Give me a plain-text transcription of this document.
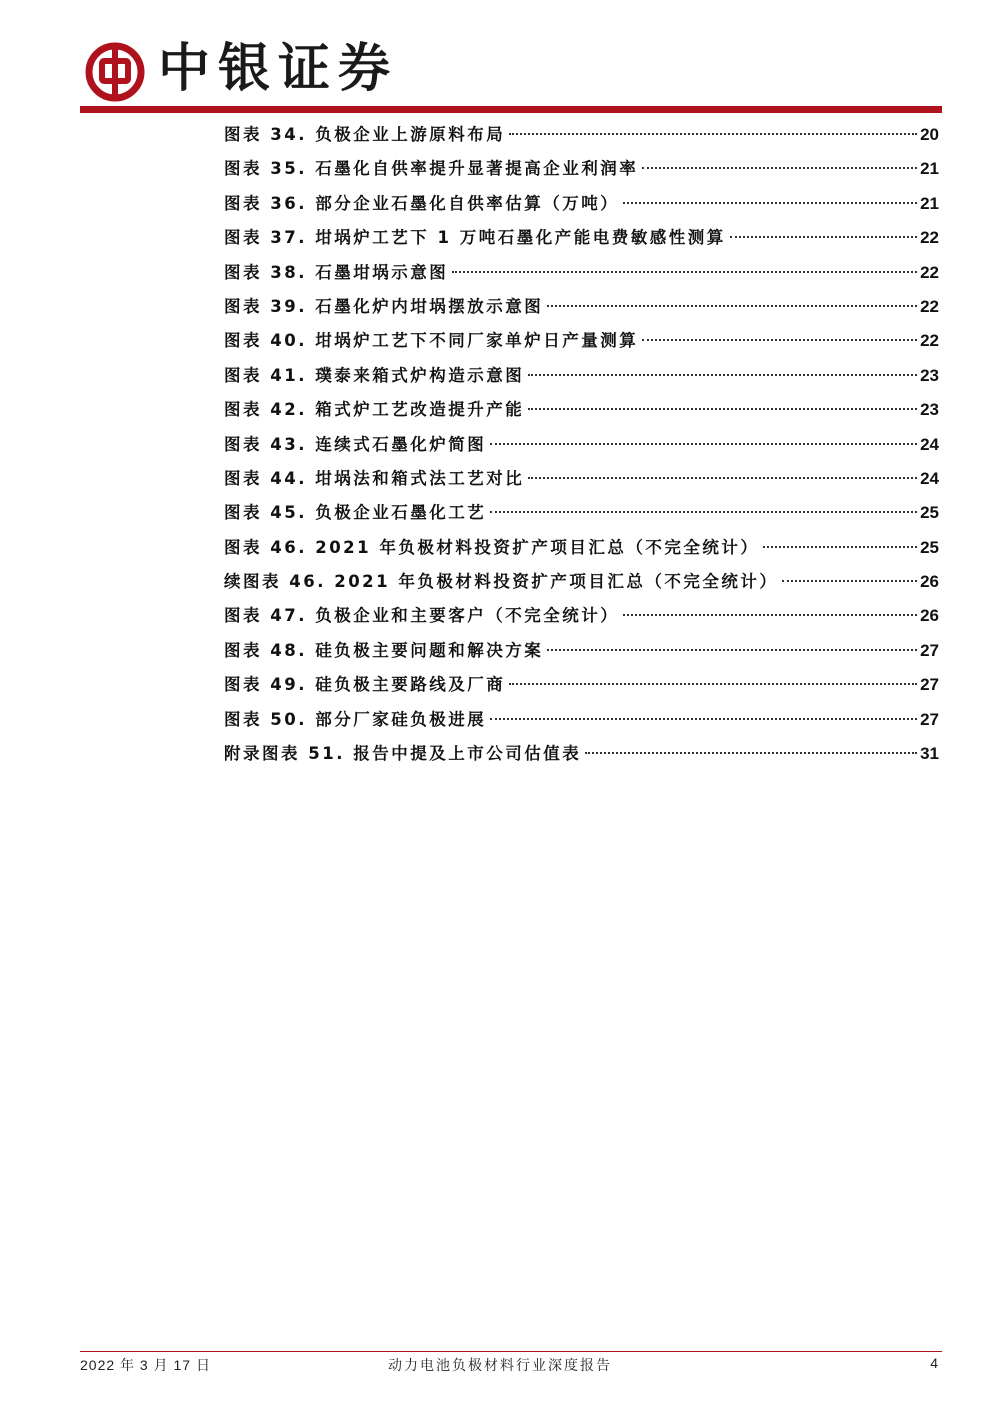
中银证券
图表 34. 负极企业上游原料布局	20
图表 35. 石墨化自供率提升显著提高企业利润率	21
图表 36. 部分企业石墨化自供率估算（万吨）	21
图表 37. 坩埚炉工艺下 1 万吨石墨化产能电费敏感性测算	22
图表 38. 石墨坩埚示意图	22
图表 39. 石墨化炉内坩埚摆放示意图	22
图表 40. 坩埚炉工艺下不同厂家单炉日产量测算	22
图表 41. 璞泰来箱式炉构造示意图	23
图表 42. 箱式炉工艺改造提升产能	23
图表 43. 连续式石墨化炉简图	24
图表 44. 坩埚法和箱式法工艺对比	24
图表 45. 负极企业石墨化工艺	25
图表 46. 2021 年负极材料投资扩产项目汇总（不完全统计）	25
续图表 46. 2021 年负极材料投资扩产项目汇总（不完全统计）	26
图表 47. 负极企业和主要客户（不完全统计）	26
图表 48. 硅负极主要问题和解决方案	27
图表 49. 硅负极主要路线及厂商	27
图表 50. 部分厂家硅负极进展	27
附录图表 51. 报告中提及上市公司估值表	31
2022 年 3 月 17 日	动力电池负极材料行业深度报告	4
